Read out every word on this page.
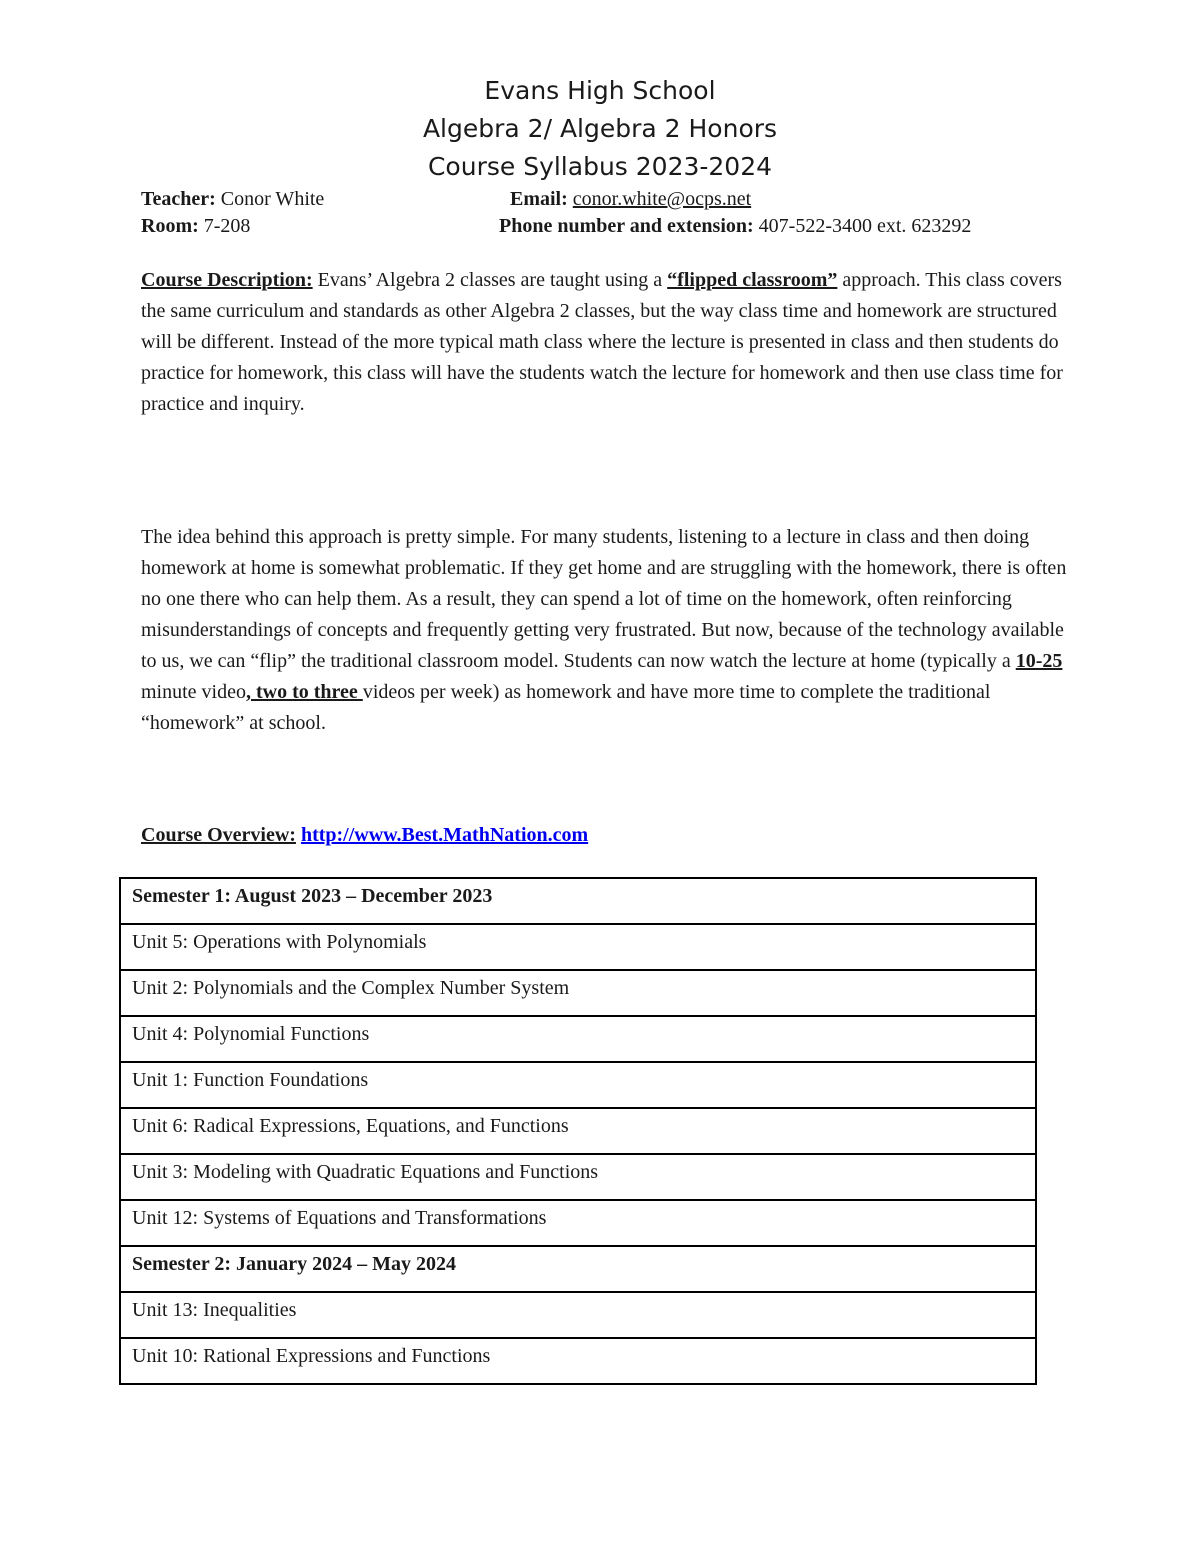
Evans High School
Algebra 2/ Algebra 2 Honors
Course Syllabus 2023-2024
Teacher: Conor White	Email: conor.white@ocps.net
Room: 7-208	Phone number and extension: 407-522-3400 ext. 623292
Course Description: Evans’ Algebra 2 classes are taught using a “flipped classroom” approach. This class covers the same curriculum and standards as other Algebra 2 classes, but the way class time and homework are structured will be different. Instead of the more typical math class where the lecture is presented in class and then students do practice for homework, this class will have the students watch the lecture for homework and then use class time for practice and inquiry.
The idea behind this approach is pretty simple. For many students, listening to a lecture in class and then doing homework at home is somewhat problematic. If they get home and are struggling with the homework, there is often no one there who can help them. As a result, they can spend a lot of time on the homework, often reinforcing misunderstandings of concepts and frequently getting very frustrated. But now, because of the technology available to us, we can “flip” the traditional classroom model. Students can now watch the lecture at home (typically a 10-25 minute video, two to three videos per week) as homework and have more time to complete the traditional “homework” at school.
Course Overview: http://www.Best.MathNation.com
Semester 1: August 2023 – December 2023
Unit 5: Operations with Polynomials
Unit 2: Polynomials and the Complex Number System
Unit 4: Polynomial Functions
Unit 1: Function Foundations
Unit 6: Radical Expressions, Equations, and Functions
Unit 3: Modeling with Quadratic Equations and Functions
Unit 12: Systems of Equations and Transformations
Semester 2: January 2024 – May 2024
Unit 13: Inequalities
Unit 10: Rational Expressions and Functions
